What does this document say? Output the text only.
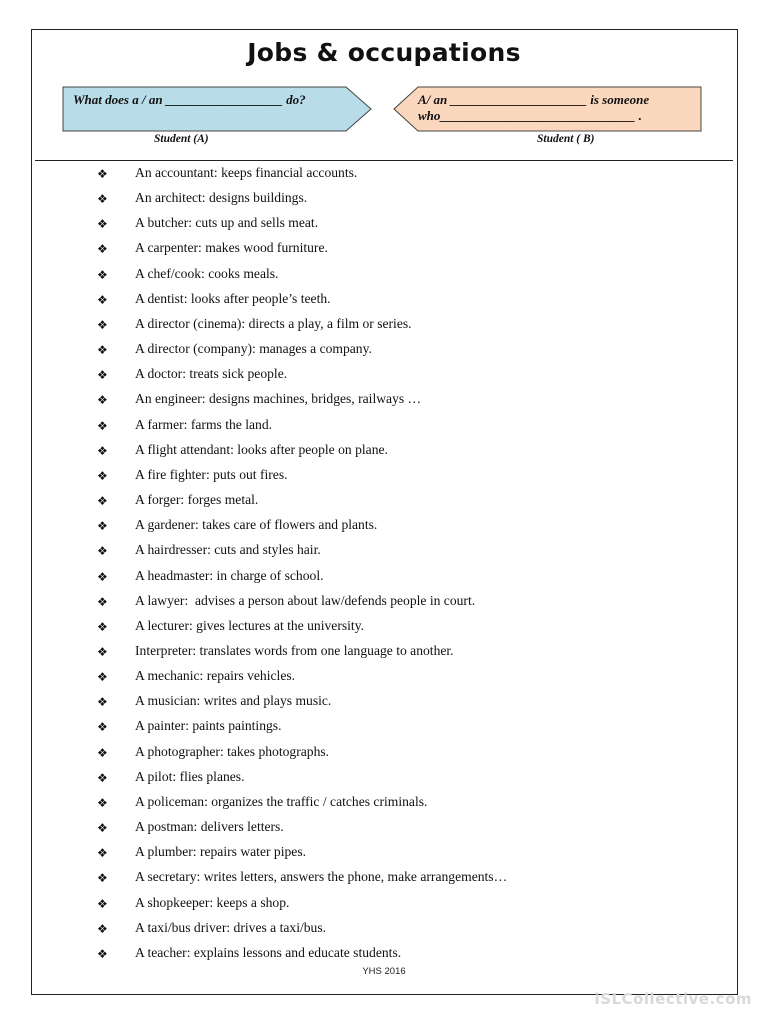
Jobs & occupations
What does a / an __________________ do?	A/ an _____________________ is someone
who______________________________ .
Student (A)	Student ( B)
❖ An accountant: keeps financial accounts.
❖ An architect: designs buildings.
❖ A butcher: cuts up and sells meat.
❖ A carpenter: makes wood furniture.
❖ A chef/cook: cooks meals.
❖ A dentist: looks after people’s teeth.
❖ A director (cinema): directs a play, a film or series.
❖ A director (company): manages a company.
❖ A doctor: treats sick people.
❖ An engineer: designs machines, bridges, railways …
❖ A farmer: farms the land.
❖ A flight attendant: looks after people on plane.
❖ A fire fighter: puts out fires.
❖ A forger: forges metal.
❖ A gardener: takes care of flowers and plants.
❖ A hairdresser: cuts and styles hair.
❖ A headmaster: in charge of school.
❖ A lawyer:  advises a person about law/defends people in court.
❖ A lecturer: gives lectures at the university.
❖ Interpreter: translates words from one language to another.
❖ A mechanic: repairs vehicles.
❖ A musician: writes and plays music.
❖ A painter: paints paintings.
❖ A photographer: takes photographs.
❖ A pilot: flies planes.
❖ A policeman: organizes the traffic / catches criminals.
❖ A postman: delivers letters.
❖ A plumber: repairs water pipes.
❖ A secretary: writes letters, answers the phone, make arrangements…
❖ A shopkeeper: keeps a shop.
❖ A taxi/bus driver: drives a taxi/bus.
❖ A teacher: explains lessons and educate students.
YHS 2016
iSLCollective.com
